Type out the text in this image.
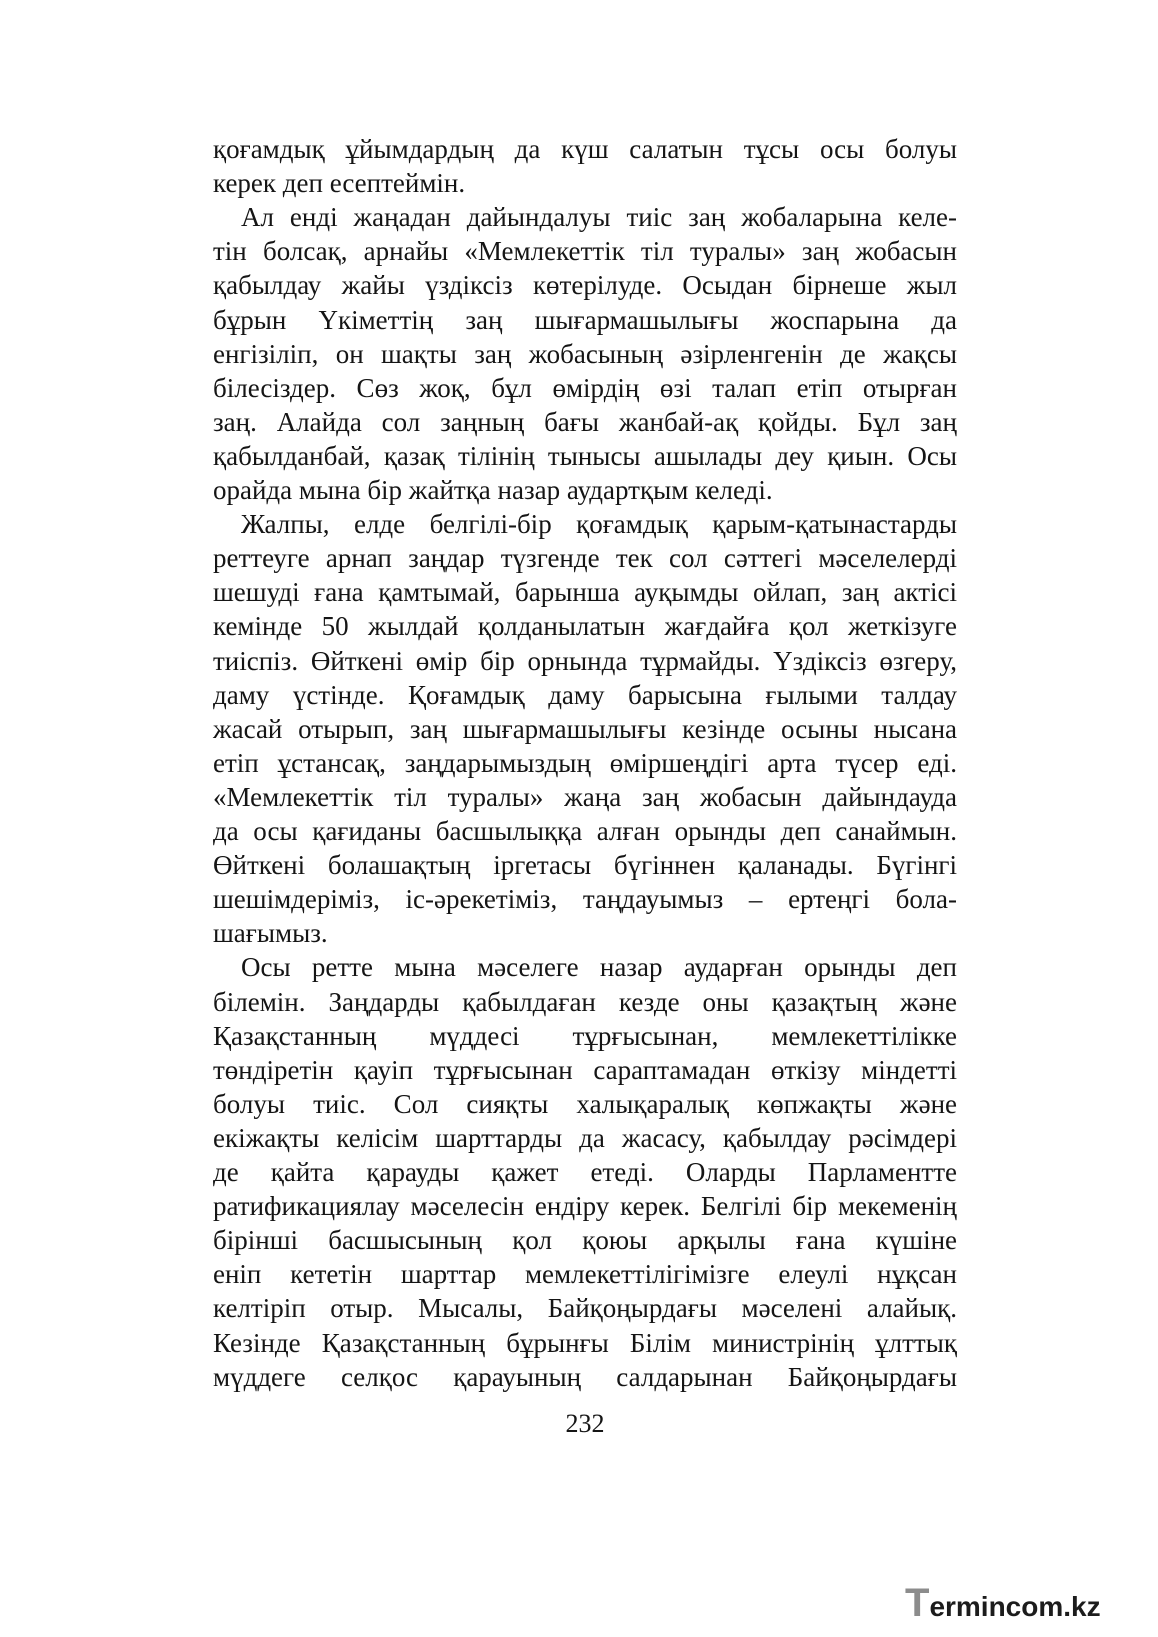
қоғамдық ұйымдардың да күш салатын тұсы осы болуы
керек деп есептеймін.
Ал енді жаңадан дайындалуы тиіс заң жобаларына келе-
тін болсақ, арнайы «Мемлекеттік тіл туралы» заң жобасын
қабылдау жайы үздіксіз көтерілуде. Осыдан бірнеше жыл
бұрын Үкіметтің заң шығармашылығы жоспарына да
енгізіліп, он шақты заң жобасының әзірленгенін де жақсы
білесіздер. Сөз жоқ, бұл өмірдің өзі талап етіп отырған
заң. Алайда сол заңның бағы жанбай-ақ қойды. Бұл заң
қабылданбай, қазақ тілінің тынысы ашылады деу қиын. Осы
орайда мына бір жайтқа назар аудартқым келеді.
Жалпы, елде белгілі-бір қоғамдық қарым-қатынастарды
реттеуге арнап заңдар түзгенде тек сол сәттегі мәселелерді
шешуді ғана қамтымай, барынша ауқымды ойлап, заң актісі
кемінде 50 жылдай қолданылатын жағдайға қол жеткізуге
тиіспіз. Өйткені өмір бір орнында тұрмайды. Үздіксіз өзгеру,
даму үстінде. Қоғамдық даму барысына ғылыми талдау
жасай отырып, заң шығармашылығы кезінде осыны нысана
етіп ұстансақ, заңдарымыздың өміршеңдігі арта түсер еді.
«Мемлекеттік тіл туралы» жаңа заң жобасын дайындауда
да осы қағиданы басшылыққа алған орынды деп санаймын.
Өйткені болашақтың іргетасы бүгіннен қаланады. Бүгінгі
шешімдеріміз, іс-әрекетіміз, таңдауымыз – ертеңгі бола-
шағымыз.
Осы ретте мына мәселеге назар аударған орынды деп
білемін. Заңдарды қабылдаған кезде оны қазақтың және
Қазақстанның мүддесі тұрғысынан, мемлекеттілікке
төндіретін қауіп тұрғысынан сараптамадан өткізу міндетті
болуы тиіс. Сол сияқты халықаралық көпжақты және
екіжақты келісім шарттарды да жасасу, қабылдау рәсімдері
де қайта қарауды қажет етеді. Оларды Парламентте
ратификациялау мәселесін ендіру керек. Белгілі бір мекеменің
бірінші басшысының қол қоюы арқылы ғана күшіне
еніп кететін шарттар мемлекеттілігімізге елеулі нұқсан
келтіріп отыр. Мысалы, Байқоңырдағы мәселені алайық.
Кезінде Қазақстанның бұрынғы Білім министрінің ұлттық
мүддеге селқос қарауының салдарынан Байқоңырдағы
232
Termincom.kz
